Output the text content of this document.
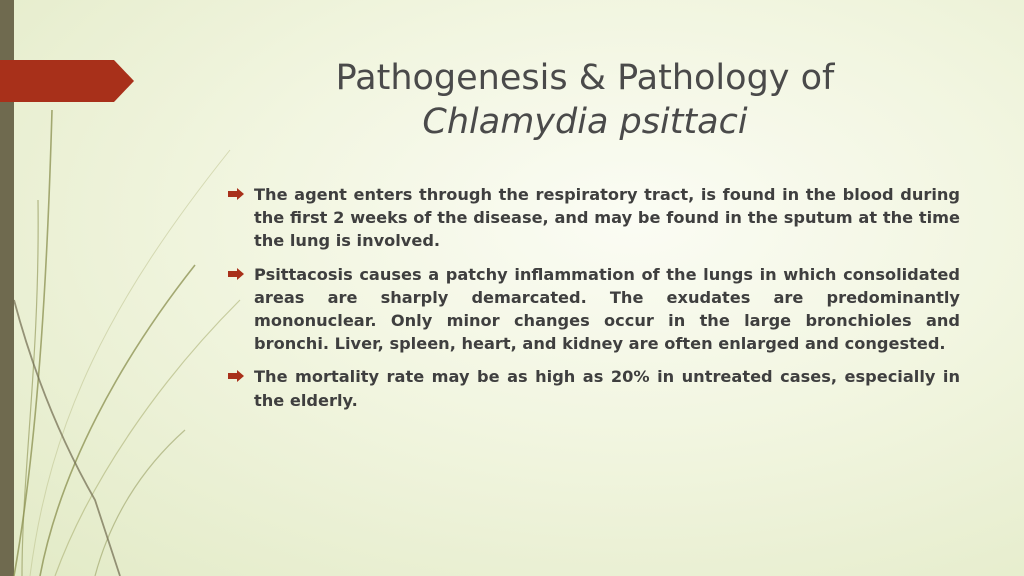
Pathogenesis & Pathology of
Chlamydia psittaci
The agent enters through the respiratory tract, is found in the blood during the first 2 weeks of the disease, and may be found in the sputum at the time the lung is involved.
Psittacosis causes a patchy inflammation of the lungs in which consolidated areas are sharply demarcated. The exudates are predominantly mononuclear. Only minor changes occur in the large bronchioles and bronchi. Liver, spleen, heart, and kidney are often enlarged and congested.
The mortality rate may be as high as 20% in untreated cases, especially in the elderly.
